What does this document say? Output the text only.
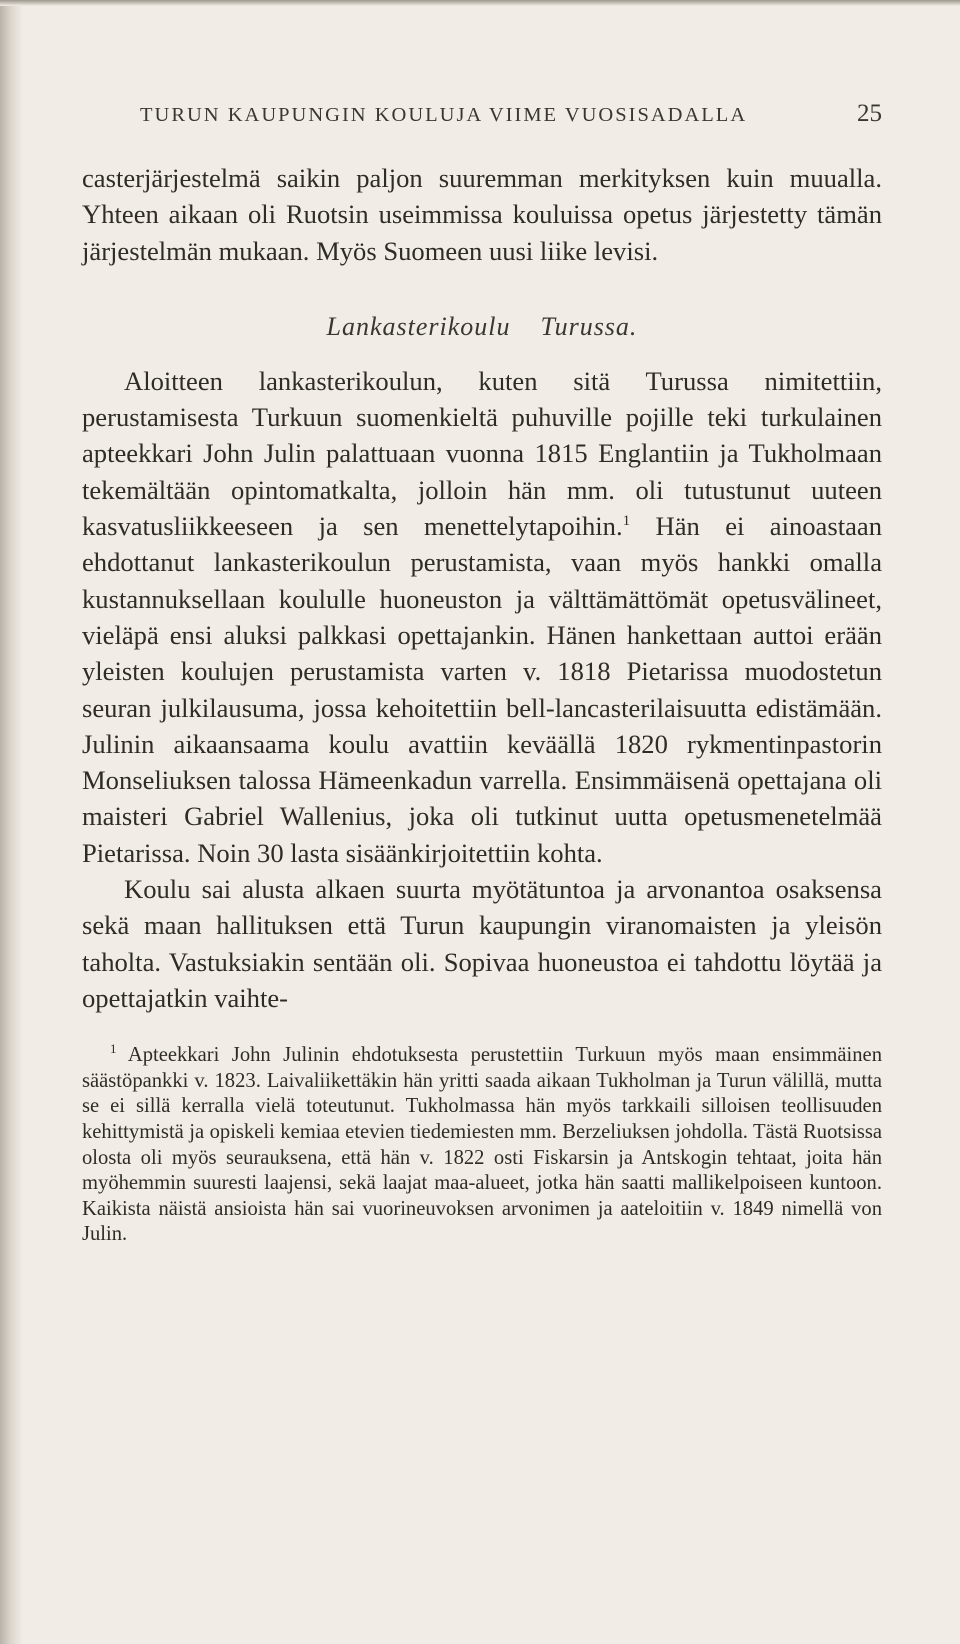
TURUN KAUPUNGIN KOULUJA VIIME VUOSISADALLA	25

casterjärjestelmä saikin paljon suuremman merkityksen kuin muualla. Yhteen aikaan oli Ruotsin useimmissa kouluissa opetus järjestetty tämän järjestelmän mukaan. Myös Suomeen uusi liike levisi.

Lankasterikoulu Turussa.

Aloitteen lankasterikoulun, kuten sitä Turussa nimitettiin, perustamisesta Turkuun suomenkieltä puhuville pojille teki turkulainen apteekkari John Julin palattuaan vuonna 1815 Englantiin ja Tukholmaan tekemältään opintomatkalta, jolloin hän mm. oli tutustunut uuteen kasvatusliikkeeseen ja sen menettelytapoihin.$^1$ Hän ei ainoastaan ehdottanut lankasterikoulun perustamista, vaan myös hankki omalla kustannuksellaan koululle huoneuston ja välttämättömät opetusvälineet, vieläpä ensi aluksi palkkasi opettajankin. Hänen hankettaan auttoi erään yleisten koulujen perustamista varten v. 1818 Pietarissa muodostetun seuran julkilausuma, jossa kehoitettiin bell-lancasterilaisuutta edistämään. Julinin aikaansaama koulu avattiin keväällä 1820 rykmentinpastorin Monseliuksen talossa Hämeenkadun varrella. Ensimmäisenä opettajana oli maisteri Gabriel Wallenius, joka oli tutkinut uutta opetusmenetelmää Pietarissa. Noin 30 lasta sisäänkirjoitettiin kohta.

Koulu sai alusta alkaen suurta myötätuntoa ja arvonantoa osaksensa sekä maan hallituksen että Turun kaupungin viranomaisten ja yleisön taholta. Vastuksiakin sentään oli. Sopivaa huoneustoa ei tahdottu löytää ja opettajatkin vaihte-

$^1$ Apteekkari John Julinin ehdotuksesta perustettiin Turkuun myös maan ensimmäinen säästöpankki v. 1823. Laivaliikettäkin hän yritti saada aikaan Tukholman ja Turun välillä, mutta se ei sillä kerralla vielä toteutunut. Tukholmassa hän myös tarkkaili silloisen teollisuuden kehittymistä ja opiskeli kemiaa etevien tiedemiesten mm. Berzeliuksen johdolla. Tästä Ruotsissa olosta oli myös seurauksena, että hän v. 1822 osti Fiskarsin ja Antskogin tehtaat, joita hän myöhemmin suuresti laajensi, sekä laajat maa-alueet, jotka hän saatti mallikelpoiseen kuntoon. Kaikista näistä ansioista hän sai vuorineuvoksen arvonimen ja aateloitiin v. 1849 nimellä von Julin.
